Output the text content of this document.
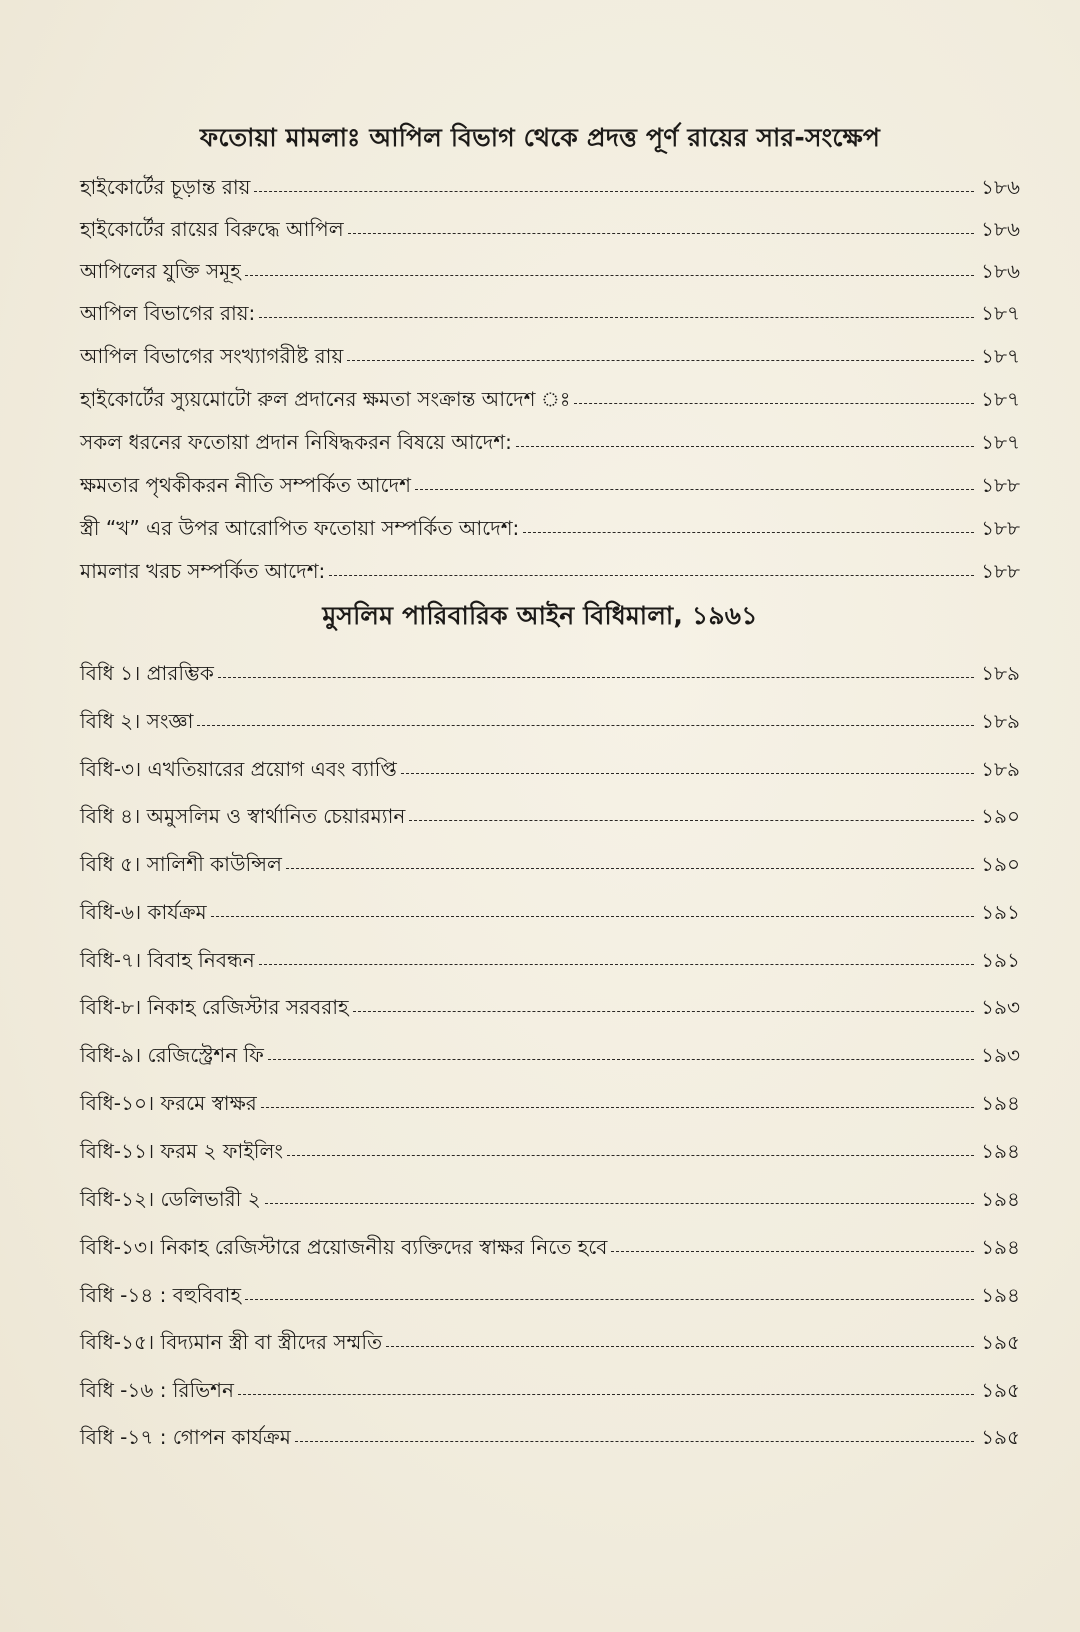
ফতোয়া মামলাঃ আপিল বিভাগ থেকে প্রদত্ত পূর্ণ রায়ের সার-সংক্ষেপ
হাইকোর্টের চূড়ান্ত রায়	১৮৬
হাইকোর্টের রায়ের বিরুদ্ধে আপিল	১৮৬
আপিলের যুক্তি সমূহ	১৮৬
আপিল বিভাগের রায়:	১৮৭
আপিল বিভাগের সংখ্যাগরীষ্ট রায়	১৮৭
হাইকোর্টের স্যুয়মোটো রুল প্রদানের ক্ষমতা সংক্রান্ত আদেশ ঃ	১৮৭
সকল ধরনের ফতোয়া প্রদান নিষিদ্ধকরন বিষয়ে আদেশ:	১৮৭
ক্ষমতার পৃথকীকরন নীতি সম্পর্কিত আদেশ	১৮৮
স্ত্রী “খ” এর উপর আরোপিত ফতোয়া সম্পর্কিত আদেশ:	১৮৮
মামলার খরচ সম্পর্কিত আদেশ:	১৮৮
মুসলিম পারিবারিক আইন বিধিমালা, ১৯৬১
বিধি ১। প্রারম্ভিক	১৮৯
বিধি ২। সংজ্ঞা	১৮৯
বিধি-৩। এখতিয়ারের প্রয়োগ এবং ব্যাপ্তি	১৮৯
বিধি ৪। অমুসলিম ও স্বার্থানিত চেয়ারম্যান	১৯০
বিধি ৫। সালিশী কাউন্সিল	১৯০
বিধি-৬। কার্যক্রম	১৯১
বিধি-৭। বিবাহ নিবন্ধন	১৯১
বিধি-৮। নিকাহ রেজিস্টার সরবরাহ	১৯৩
বিধি-৯। রেজিস্ট্রেশন ফি	১৯৩
বিধি-১০। ফরমে স্বাক্ষর	১৯৪
বিধি-১১। ফরম ২ ফাইলিং	১৯৪
বিধি-১২। ডেলিভারী ২	১৯৪
বিধি-১৩। নিকাহ রেজিস্টারে প্রয়োজনীয় ব্যক্তিদের স্বাক্ষর নিতে হবে	১৯৪
বিধি -১৪ : বহুবিবাহ	১৯৪
বিধি-১৫। বিদ্যমান স্ত্রী বা স্ত্রীদের সম্মতি	১৯৫
বিধি -১৬ : রিভিশন	১৯৫
বিধি -১৭ : গোপন কার্যক্রম	১৯৫
